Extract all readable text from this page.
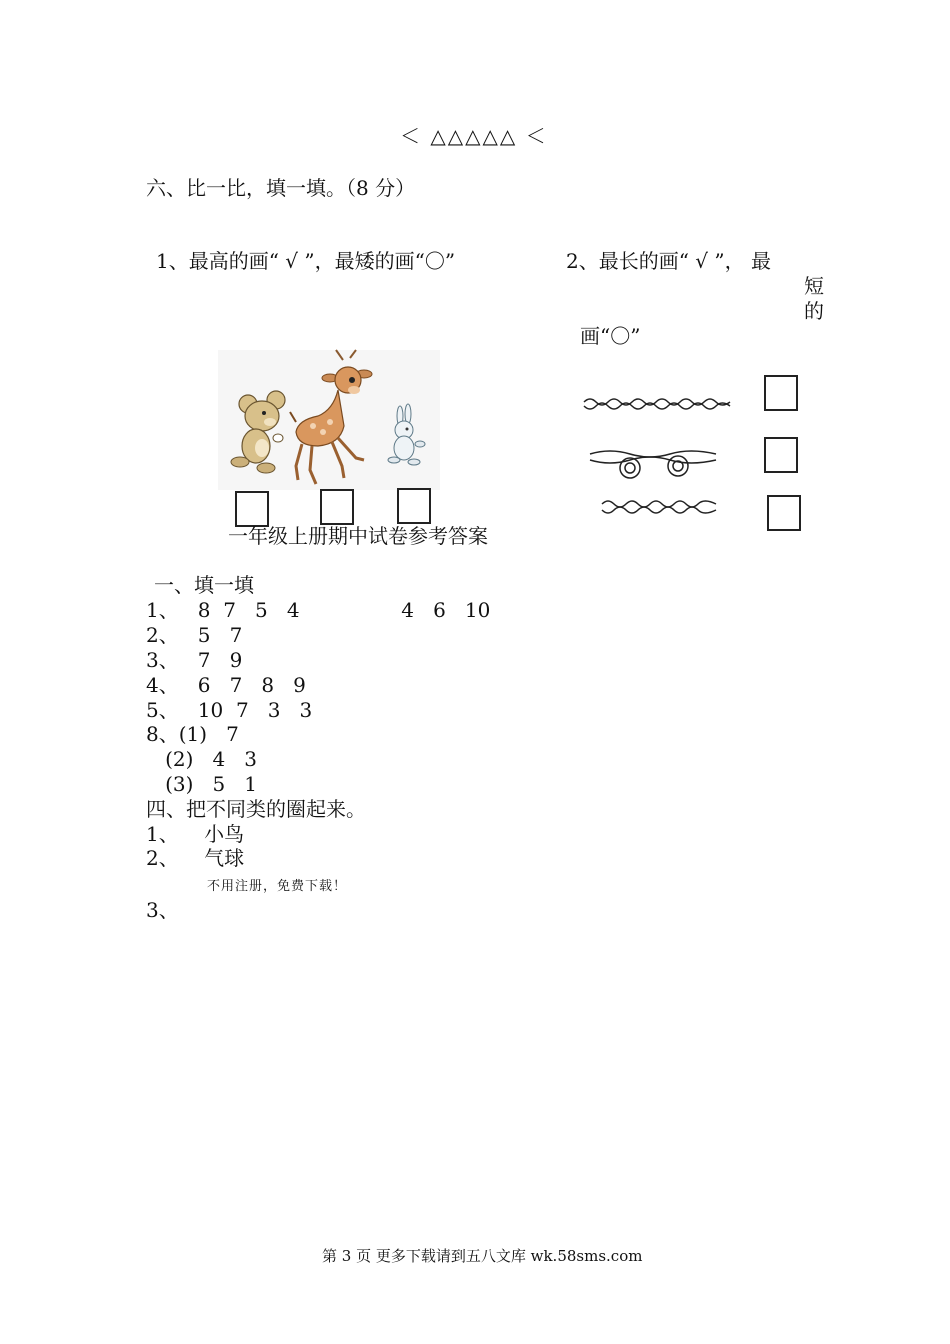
＜ △△△△△ ＜
六、比一比，填一填。（8 分）
1、最高的画“ √ ”，最矮的画“〇”	2、最长的画“ √ ”， 最
短
的
画“〇”
一年级上册期中试卷参考答案
一、填一填
1、   8  7   5   4                4   6   10
2、   5   7
3、   7   9
4、   6   7   8   9
5、   10  7   3   3
8、(1)   7
(2)   4   3
(3)   5   1
四、把不同类的圈起来。
1、    小鸟
2、    气球
不用注册，免费下载！
3、
第 3 页 更多下载请到五八文库 wk.58sms.com
